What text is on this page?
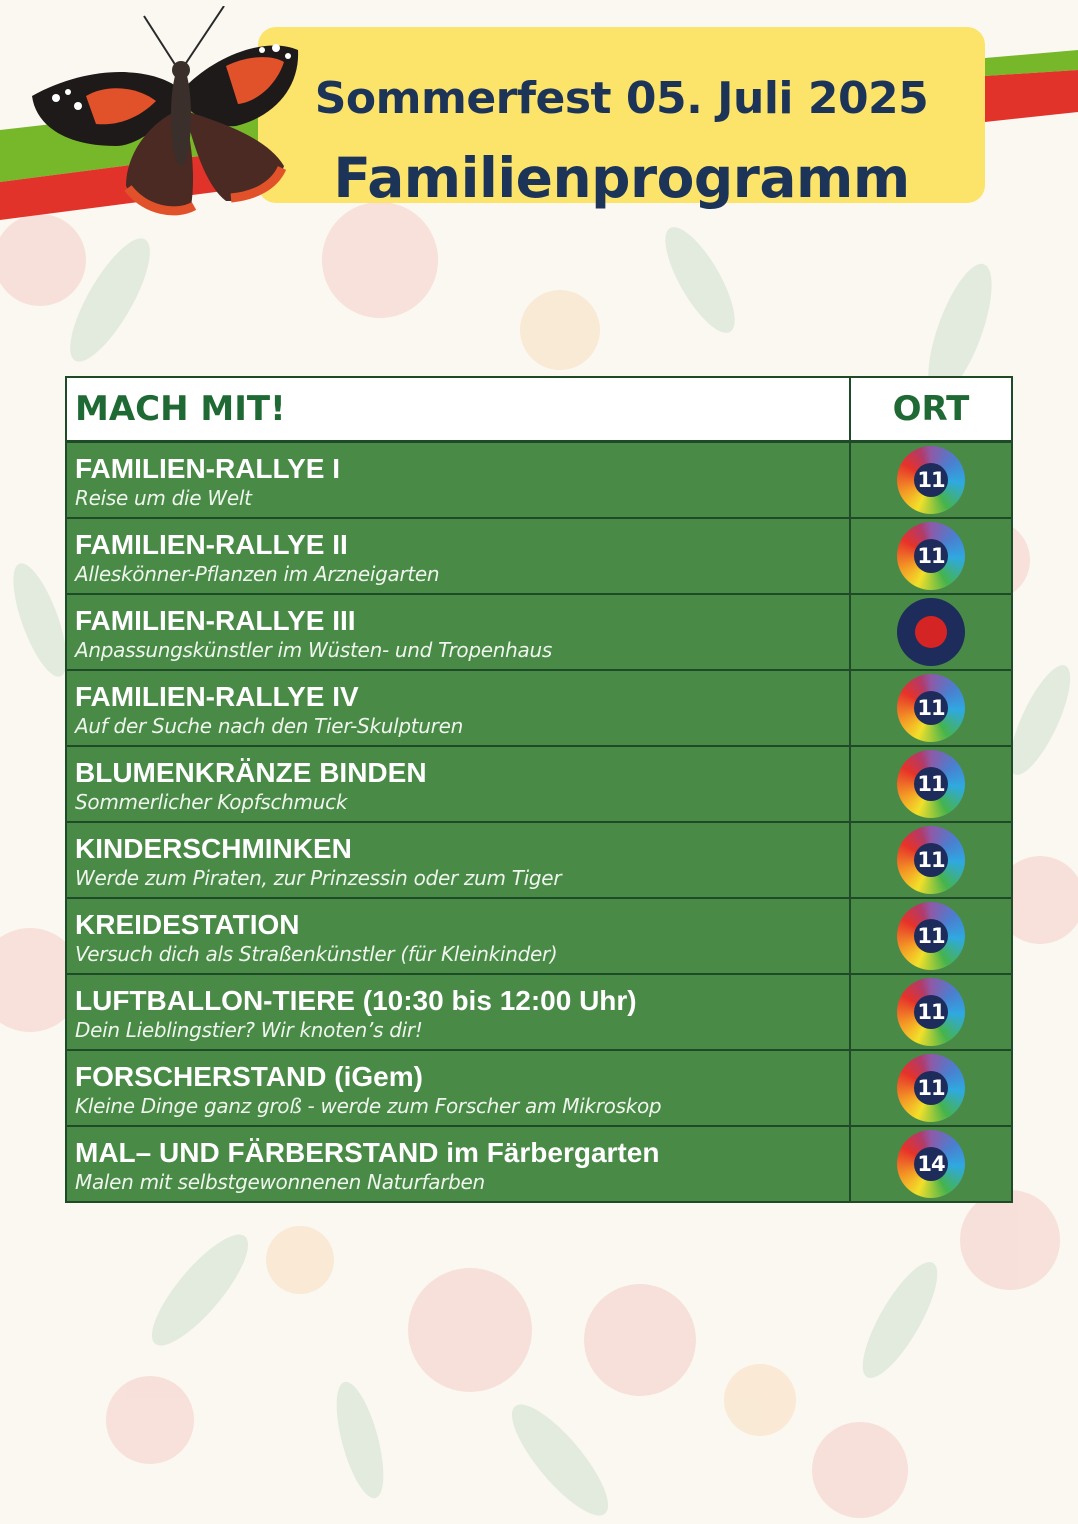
Sommerfest 05. Juli 2025
Familienprogramm
MACH MIT!	ORT
FAMILIEN-RALLYE I
Reise um die Welt
11
FAMILIEN-RALLYE II
Alleskönner-Pflanzen im Arzneigarten
11
FAMILIEN-RALLYE III
Anpassungskünstler im Wüsten- und Tropenhaus
FAMILIEN-RALLYE IV
Auf der Suche nach den Tier-Skulpturen
11
BLUMENKRÄNZE BINDEN
Sommerlicher Kopfschmuck
11
KINDERSCHMINKEN
Werde zum Piraten, zur Prinzessin oder zum Tiger
11
KREIDESTATION
Versuch dich als Straßenkünstler (für Kleinkinder)
11
LUFTBALLON-TIERE (10:30 bis 12:00 Uhr)
Dein Lieblingstier? Wir knoten’s dir!
11
FORSCHERSTAND (iGem)
Kleine Dinge ganz groß - werde zum Forscher am Mikroskop
11
MAL– UND FÄRBERSTAND im Färbergarten
Malen mit selbstgewonnenen Naturfarben
14
